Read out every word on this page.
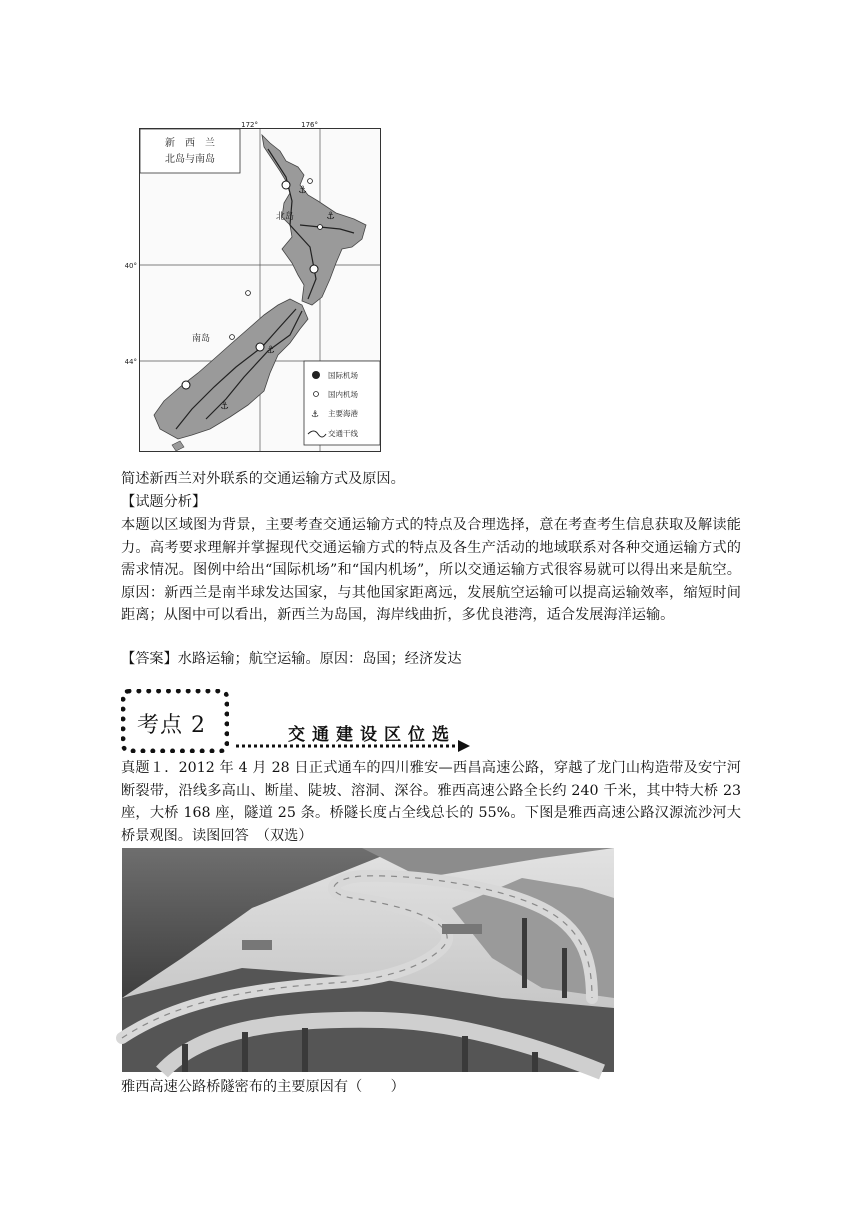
新　西　兰
北岛与南岛
172°	176°
⚓
⚓
⚓
⚓
北岛
南岛
40°
44°
国际机场
国内机场
⚓ 主要海港
交通干线

简述新西兰对外联系的交通运输方式及原因。

【试题分析】

本题以区域图为背景，主要考查交通运输方式的特点及合理选择，意在考查考生信息获取及解读能力。高考要求理解并掌握现代交通运输方式的特点及各生产活动的地域联系对各种交通运输方式的需求情况。图例中给出“国际机场”和“国内机场”，所以交通运输方式很容易就可以得出来是航空。原因：新西兰是南半球发达国家，与其他国家距离远，发展航空运输可以提高运输效率，缩短时间距离；从图中可以看出，新西兰为岛国，海岸线曲折，多优良港湾，适合发展海洋运输。

【答案】水路运输；航空运输。原因：岛国；经济发达

考点 2	交通建设区位选

真题１．2012 年 4 月 28 日正式通车的四川雅安—西昌高速公路，穿越了龙门山构造带及安宁河断裂带，沿线多高山、断崖、陡坡、溶洞、深谷。雅西高速公路全长约 240 千米，其中特大桥 23 座，大桥 168 座，隧道 25 条。桥隧长度占全线总长的 55%。下图是雅西高速公路汉源流沙河大桥景观图。读图回答　（双选）

雅西高速公路桥隧密布的主要原因有（　　）
